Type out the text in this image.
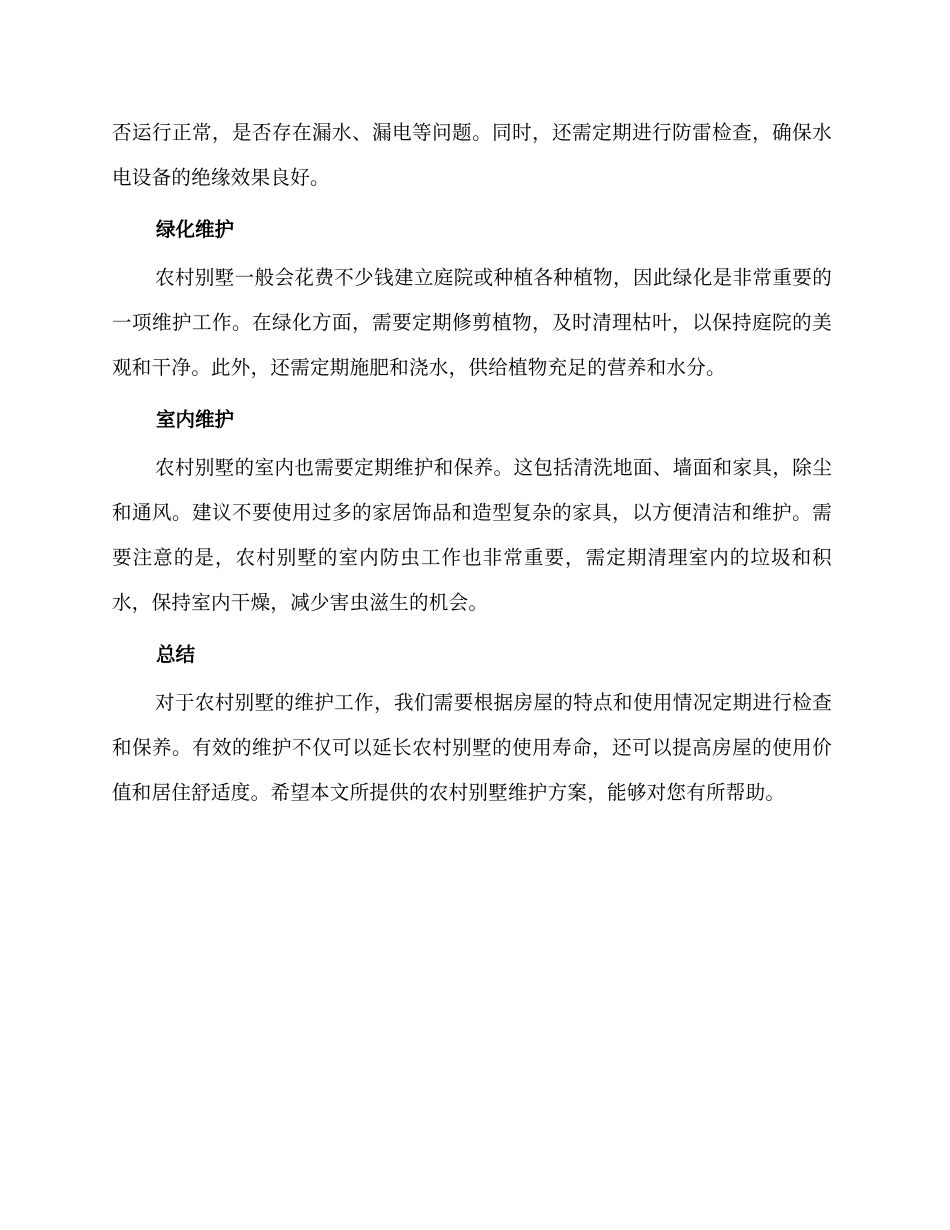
否运行正常，是否存在漏水、漏电等问题。同时，还需定期进行防雷检查，确保水电设备的绝缘效果良好。

绿化维护

农村别墅一般会花费不少钱建立庭院或种植各种植物，因此绿化是非常重要的一项维护工作。在绿化方面，需要定期修剪植物，及时清理枯叶，以保持庭院的美观和干净。此外，还需定期施肥和浇水，供给植物充足的营养和水分。

室内维护

农村别墅的室内也需要定期维护和保养。这包括清洗地面、墙面和家具，除尘和通风。建议不要使用过多的家居饰品和造型复杂的家具，以方便清洁和维护。需要注意的是，农村别墅的室内防虫工作也非常重要，需定期清理室内的垃圾和积水，保持室内干燥，减少害虫滋生的机会。

总结

对于农村别墅的维护工作，我们需要根据房屋的特点和使用情况定期进行检查和保养。有效的维护不仅可以延长农村别墅的使用寿命，还可以提高房屋的使用价值和居住舒适度。希望本文所提供的农村别墅维护方案，能够对您有所帮助。
